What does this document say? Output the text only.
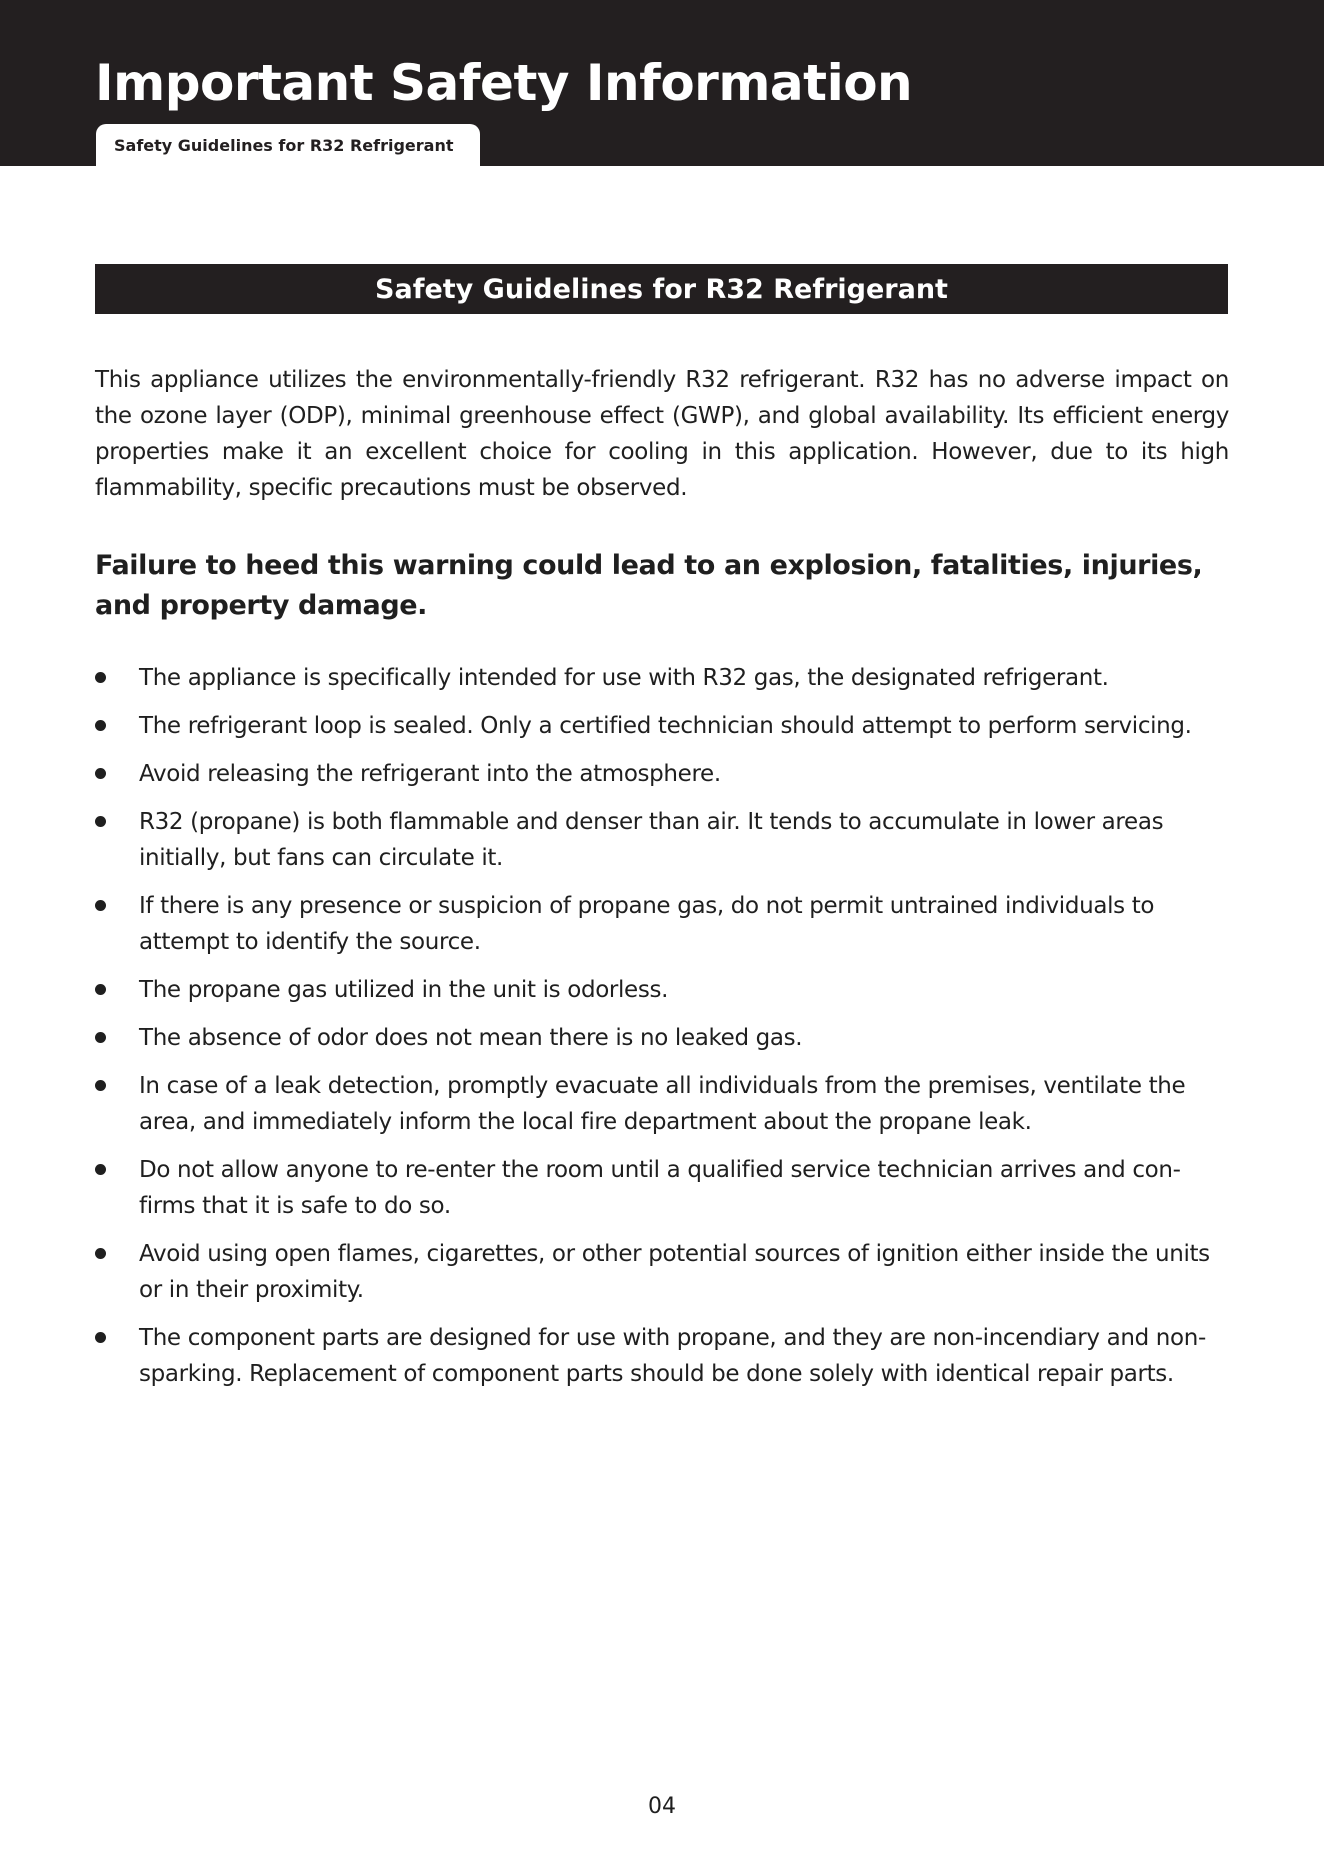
Important Safety Information
Safety Guidelines for R32 Refrigerant
Safety Guidelines for R32 Refrigerant

This appliance utilizes the environmentally-friendly R32 refrigerant. R32 has no adverse impact on the ozone layer (ODP), minimal greenhouse effect (GWP), and global availability. Its efficient energy properties make it an excellent choice for cooling in this application. However, due to its high flammability, specific precautions must be observed.

Failure to heed this warning could lead to an explosion, fatalities, injuries, and property damage.

The appliance is specifically intended for use with R32 gas, the designated refrigerant.
The refrigerant loop is sealed. Only a certified technician should attempt to perform servicing.
Avoid releasing the refrigerant into the atmosphere.
R32 (propane) is both flammable and denser than air. It tends to accumulate in lower areas initially, but fans can circulate it.
If there is any presence or suspicion of propane gas, do not permit untrained individuals to attempt to identify the source.
The propane gas utilized in the unit is odorless.
The absence of odor does not mean there is no leaked gas.
In case of a leak detection, promptly evacuate all individuals from the premises, ventilate the area, and immediately inform the local fire department about the propane leak.
Do not allow anyone to re-enter the room until a qualified service technician arrives and con-firms that it is safe to do so.
Avoid using open flames, cigarettes, or other potential sources of ignition either inside the units or in their proximity.
The component parts are designed for use with propane, and they are non-incendiary and non-sparking. Replacement of component parts should be done solely with identical repair parts.
04
